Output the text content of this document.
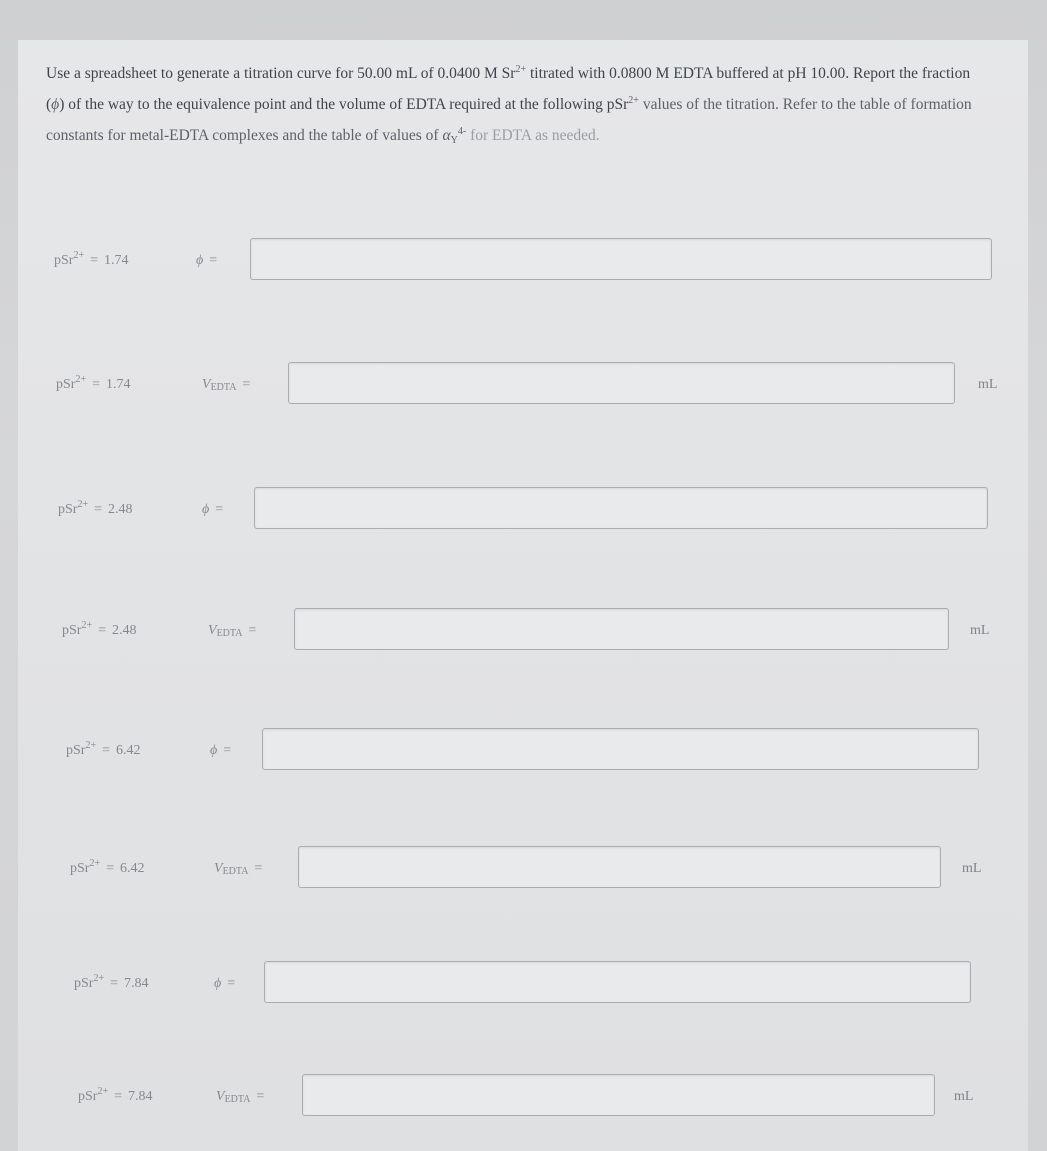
Use a spreadsheet to generate a titration curve for 50.00 mL of 0.0400 M $Sr^{2+}$ titrated with 0.0800 M EDTA buffered at pH 10.00. Report the fraction (ϕ) of the way to the equivalence point and the volume of EDTA required at the following pSr$^{2+}$ values of the titration. Refer to the table of formation constants for metal-EDTA complexes and the table of values of $\alpha_Y^{4-}$ for EDTA as needed.
pSr$^{2+}$ = 1.74	ϕ =
pSr$^{2+}$ = 1.74	VEDTA =	mL
pSr$^{2+}$ = 2.48	ϕ =
pSr$^{2+}$ = 2.48	VEDTA =	mL
pSr$^{2+}$ = 6.42	ϕ =
pSr$^{2+}$ = 6.42	VEDTA =	mL
pSr$^{2+}$ = 7.84	ϕ =
pSr$^{2+}$ = 7.84	VEDTA =	mL
